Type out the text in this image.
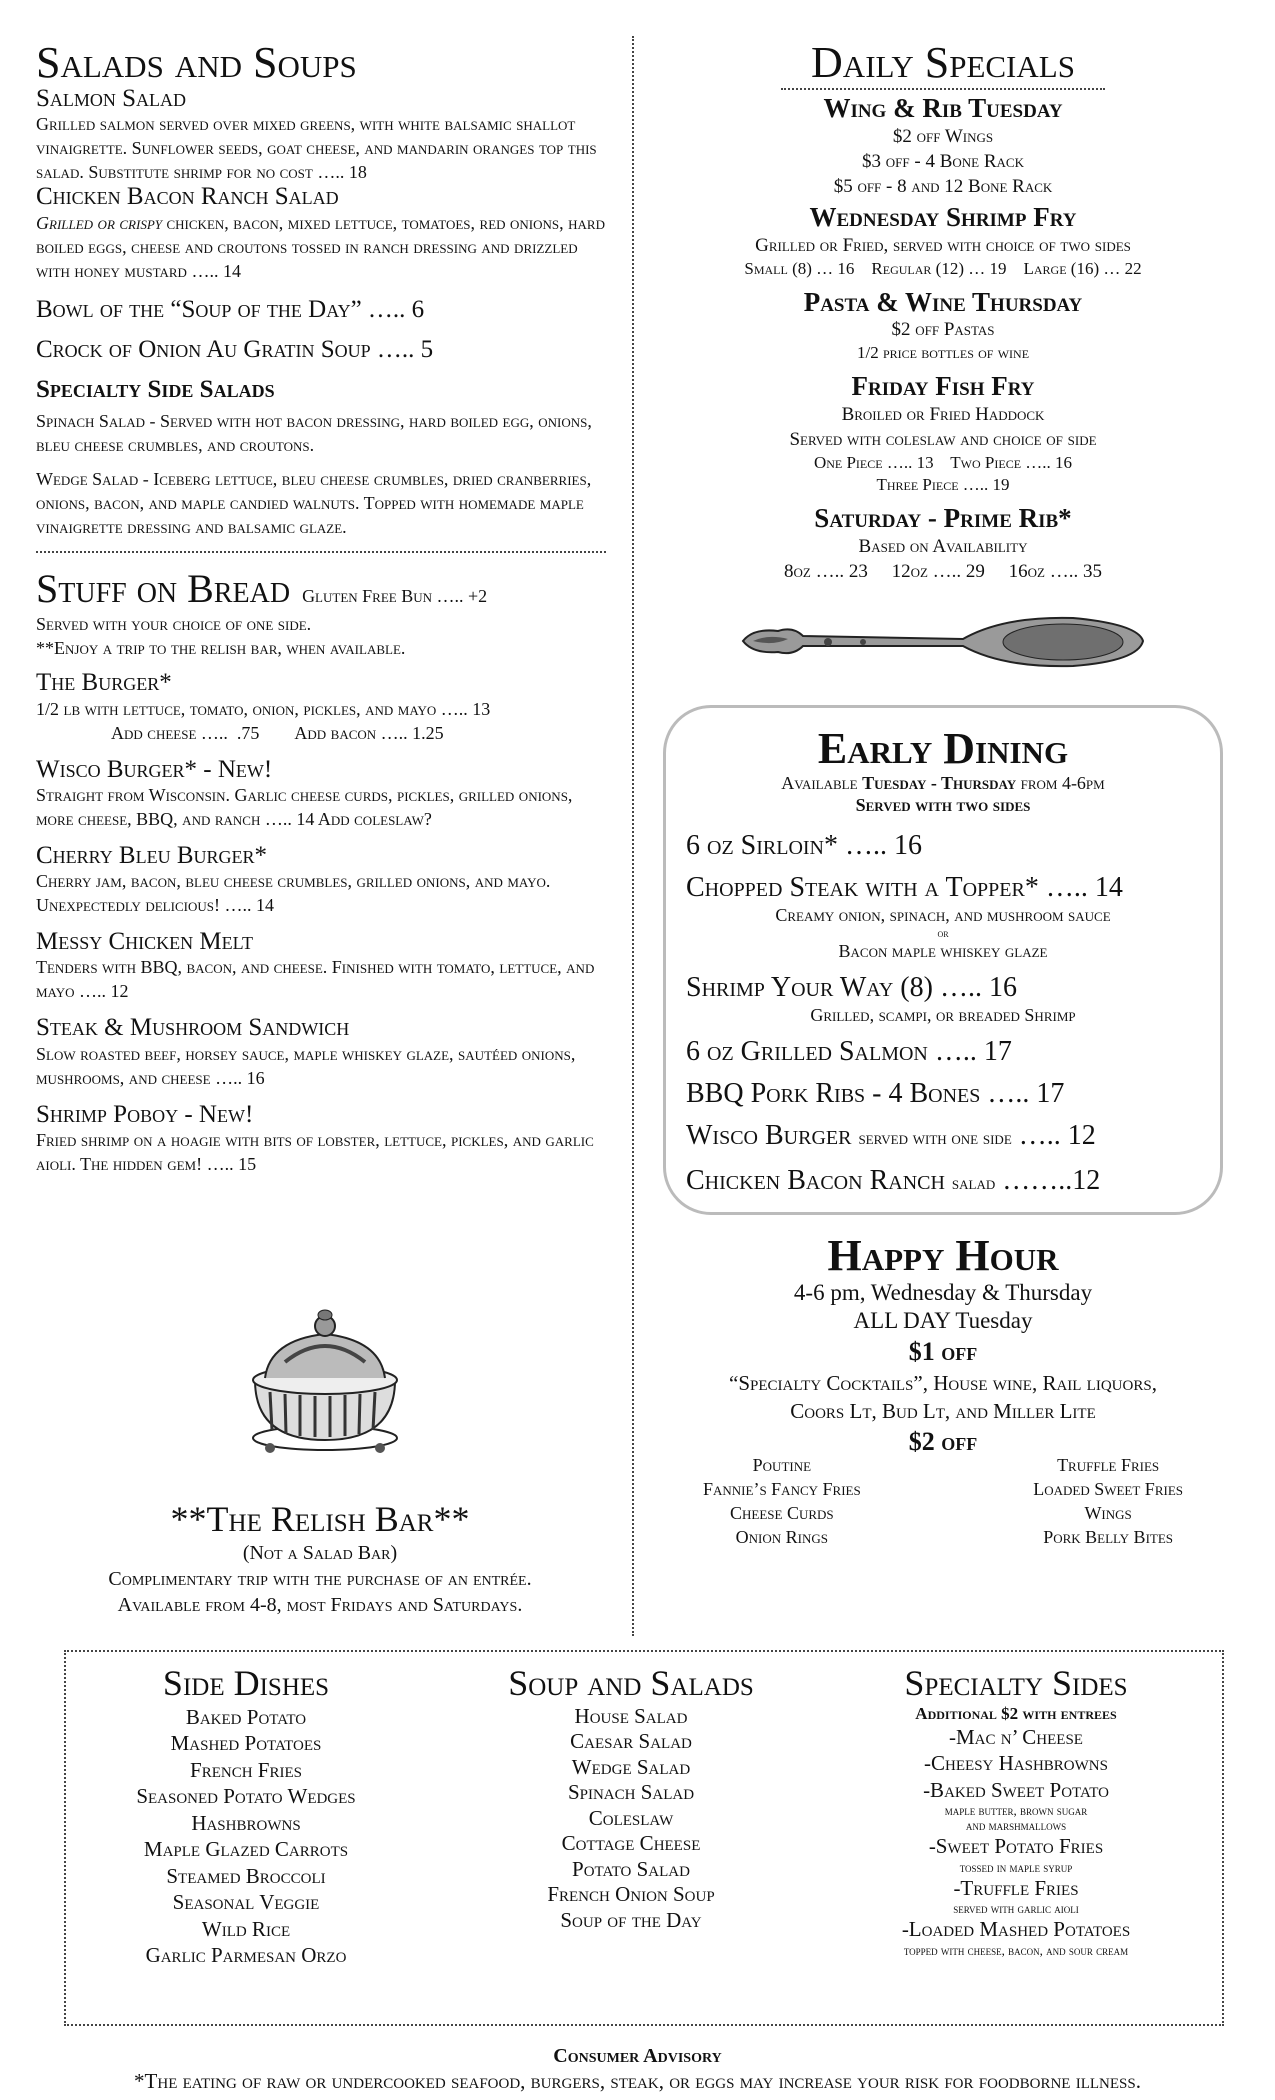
Salads and Soups
Salmon Salad
Grilled salmon served over mixed greens, with white balsamic shallot vinaigrette. Sunflower seeds, goat cheese, and mandarin oranges top this salad. Substitute shrimp for no cost ….. 18
Chicken Bacon Ranch Salad
Grilled or crispy chicken, bacon, mixed lettuce, tomatoes, red onions, hard boiled eggs, cheese and croutons tossed in ranch dressing and drizzled with honey mustard ….. 14
Bowl of the “Soup of the Day” ….. 6
Crock of Onion Au Gratin Soup ….. 5
Specialty Side Salads
Spinach Salad - Served with hot bacon dressing, hard boiled egg, onions, bleu cheese crumbles, and croutons.
Wedge Salad - Iceberg lettuce, bleu cheese crumbles, dried cranberries, onions, bacon, and maple candied walnuts. Topped with homemade maple vinaigrette dressing and balsamic glaze.
Stuff on Bread Gluten Free Bun ….. +2
Served with your choice of one side.
**Enjoy a trip to the relish bar, when available.
The Burger*
1/2 lb with lettuce, tomato, onion, pickles, and mayo ….. 13
Add cheese …..  .75        Add bacon ….. 1.25
Wisco Burger* - New!
Straight from Wisconsin. Garlic cheese curds, pickles, grilled onions, more cheese, BBQ, and ranch ….. 14 Add coleslaw?
Cherry Bleu Burger*
Cherry jam, bacon, bleu cheese crumbles, grilled onions, and mayo. Unexpectedly delicious! ….. 14
Messy Chicken Melt
Tenders with BBQ, bacon, and cheese. Finished with tomato, lettuce, and mayo ….. 12
Steak & Mushroom Sandwich
Slow roasted beef, horsey sauce, maple whiskey glaze, sautéed onions, mushrooms, and cheese ….. 16
Shrimp Poboy - New!
Fried shrimp on a hoagie with bits of lobster, lettuce, pickles, and garlic aioli. The hidden gem! ….. 15
**The Relish Bar**
(Not a Salad Bar)
Complimentary trip with the purchase of an entrée.
Available from 4-8, most Fridays and Saturdays.
Daily Specials
Wing & Rib Tuesday
$2 off Wings
$3 off - 4 Bone Rack
$5 off - 8 and 12 Bone Rack
Wednesday Shrimp Fry
Grilled or Fried, served with choice of two sides
Small (8) … 16    Regular (12) … 19    Large (16) … 22
Pasta & Wine Thursday
$2 off Pastas
1/2 price bottles of wine
Friday Fish Fry
Broiled or Fried Haddock
Served with coleslaw and choice of side
One Piece ….. 13    Two Piece ….. 16
Three Piece ….. 19
Saturday - Prime Rib*
Based on Availability
8oz ….. 23     12oz ….. 29     16oz ….. 35
Early Dining
Available Tuesday - Thursday from 4-6pm
Served with two sides
6 oz Sirloin* ….. 16
Chopped Steak with a Topper* ….. 14
Creamy onion, spinach, and mushroom sauce
or
Bacon maple whiskey glaze
Shrimp Your Way (8) ….. 16
Grilled, scampi, or breaded Shrimp
6 oz Grilled Salmon ….. 17
BBQ Pork Ribs - 4 Bones ….. 17
Wisco Burger served with one side ….. 12
Chicken Bacon Ranch salad ……..12
Happy Hour
4-6 pm, Wednesday & Thursday
ALL DAY Tuesday
$1 off
“Specialty Cocktails”, House wine, Rail liquors,
Coors Lt, Bud Lt, and Miller Lite
$2 off
Poutine
Fannie’s Fancy Fries
Cheese Curds
Onion Rings
Truffle Fries
Loaded Sweet Fries
Wings
Pork Belly Bites
Side Dishes
Baked Potato
Mashed Potatoes
French Fries
Seasoned Potato Wedges
Hashbrowns
Maple Glazed Carrots
Steamed Broccoli
Seasonal Veggie
Wild Rice
Garlic Parmesan Orzo
Soup and Salads
House Salad
Caesar Salad
Wedge Salad
Spinach Salad
Coleslaw
Cottage Cheese
Potato Salad
French Onion Soup
Soup of the Day
Specialty Sides
Additional $2 with entrees
-Mac n’ Cheese
-Cheesy Hashbrowns
-Baked Sweet Potato
maple butter, brown sugar
and marshmallows
-Sweet Potato Fries
tossed in maple syrup
-Truffle Fries
served with garlic aioli
-Loaded Mashed Potatoes
topped with cheese, bacon, and sour cream
Consumer Advisory
*The eating of raw or undercooked seafood, burgers, steak, or eggs may increase your risk for foodborne illness.
